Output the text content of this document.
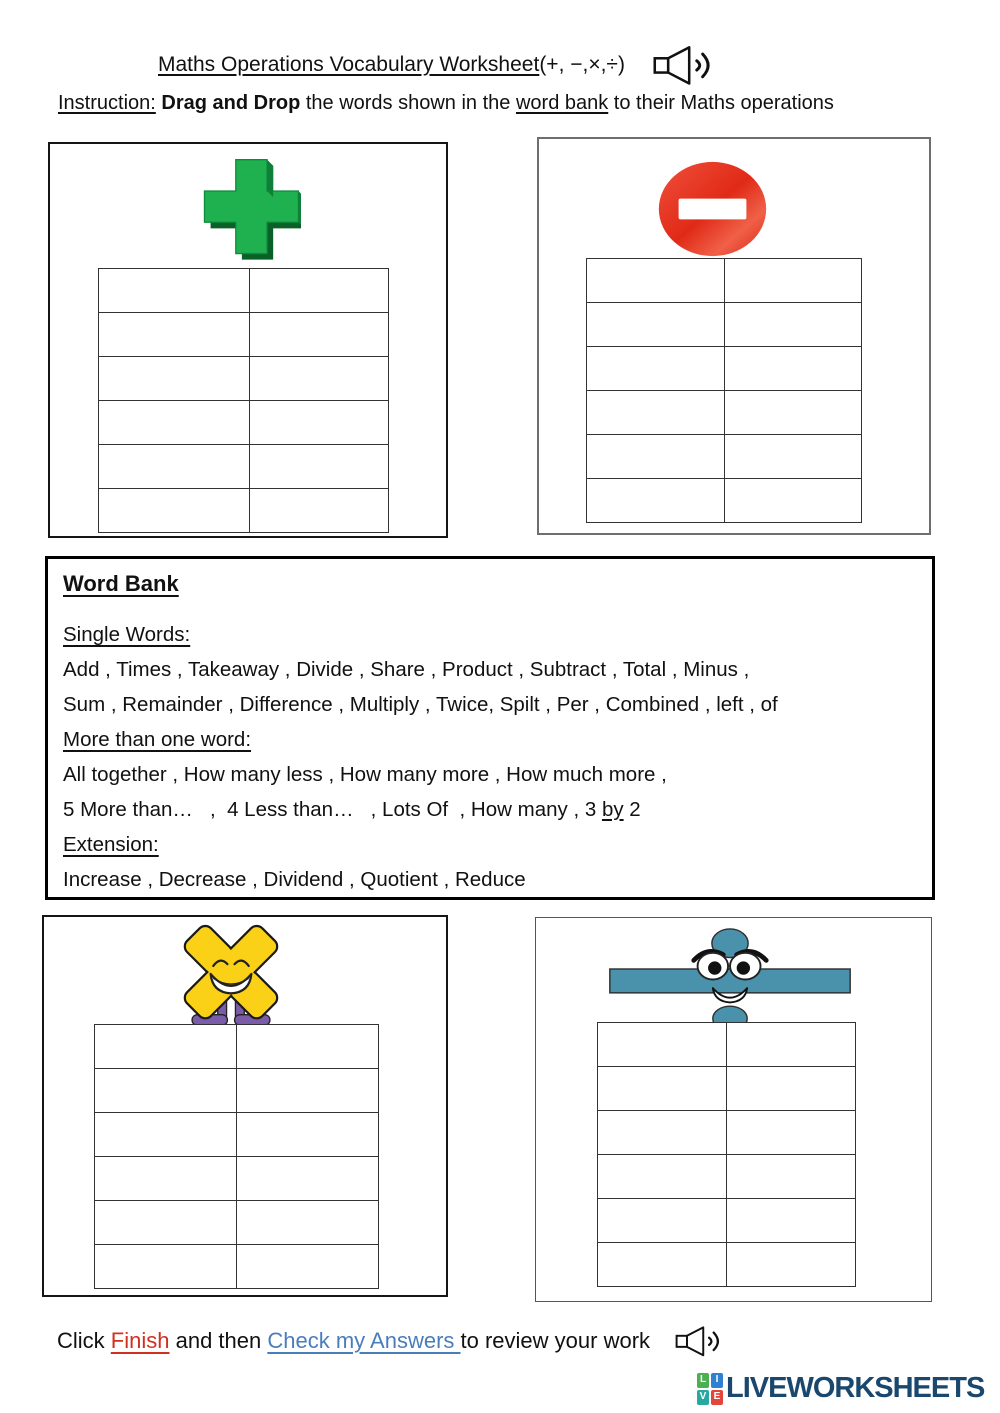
Maths Operations Vocabulary Worksheet(+, −,×,÷)
Instruction: Drag and Drop the words shown in the word bank to their Maths operations

Word Bank
Single Words:
Add , Times , Takeaway , Divide , Share , Product , Subtract , Total , Minus ,
Sum , Remainder , Difference , Multiply , Twice, Spilt , Per , Combined , left , of
More than one word:
All together , How many less , How many more , How much more ,
5 More than…   ,  4 Less than…   , Lots Of  , How many , 3 by 2
Extension:
Increase , Decrease , Dividend , Quotient , Reduce

Click Finish and then Check my Answers to review your work
L I
V E LIVEWORKSHEETS
